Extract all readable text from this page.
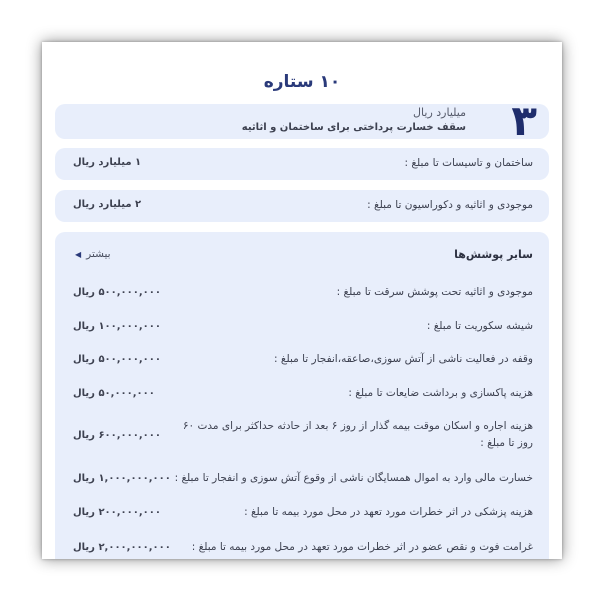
۱۰ ستاره
۳
میلیارد ریال
سقف خسارت پرداختی برای ساختمان و اثاثیه
ساختمان و تاسیسات تا مبلغ :
۱ میلیارد ریال
موجودی و اثاثیه و دکوراسیون تا مبلغ :
۲ میلیارد ریال
سایر پوشش‌ها
بیشتر
◀
موجودی و اثاثیه تحت پوشش سرقت تا مبلغ :
۵۰۰,۰۰۰,۰۰۰ ریال
شیشه سکوریت تا مبلغ :
۱۰۰,۰۰۰,۰۰۰ ریال
وقفه در فعالیت ناشی از آتش سوزی،صاعقه،انفجار تا مبلغ :
۵۰۰,۰۰۰,۰۰۰ ریال
هزینه پاکسازی و برداشت ضایعات تا مبلغ :
۵۰,۰۰۰,۰۰۰ ریال
هزینه اجاره و اسکان موقت بیمه گذار از روز ۶ بعد از حادثه حداکثر برای مدت ۶۰ روز تا مبلغ :
۶۰۰,۰۰۰,۰۰۰ ریال
خسارت مالی وارد به اموال همسایگان ناشی از وقوع آتش سوزی و انفجار تا مبلغ :
۱,۰۰۰,۰۰۰,۰۰۰ ریال
هزینه پزشکی در اثر خطرات مورد تعهد در محل مورد بیمه تا مبلغ :
۲۰۰,۰۰۰,۰۰۰ ریال
غرامت فوت و نقص عضو در اثر خطرات مورد تعهد در محل مورد بیمه تا مبلغ :
۲,۰۰۰,۰۰۰,۰۰۰ ریال
